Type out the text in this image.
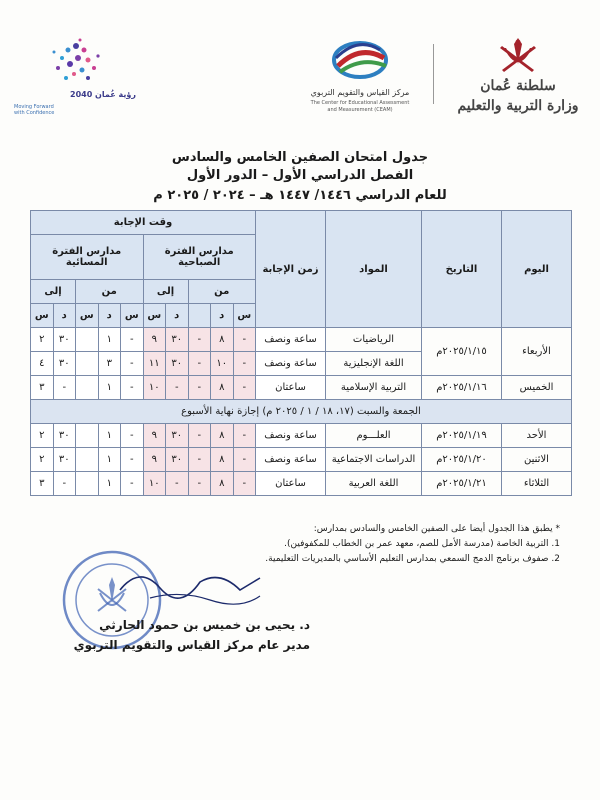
رؤية عُمان 2040
Moving Forward with Confidence
مركز القياس والتقويم التربوي
The Center for Educational Assessment
and Measurement (CEAM)
سلطنة عُمان
وزارة التربية والتعليم
جدول امتحان الصفين الخامس والسادس
الفصل الدراسي الأول – الدور الأول
للعام الدراسي ١٤٤٦/ ١٤٤٧ هـ – ٢٠٢٤ / ٢٠٢٥ م
اليوم	التاريخ	المواد	زمن الإجابة	وقت الإجابة									
				مدارس الفترة الصباحية					مدارس الفترة المسائية				
				من			إلى		من			إلى	
				س	د		د	س	س	د	س	د	س
الأربعاء	٢٠٢٥/١/١٥م	الرياضيات	ساعة ونصف	-	٨	-	٣٠	٩	-	١		٣٠	٢
		اللغة الإنجليزية	ساعة ونصف	-	١٠	-	٣٠	١١	-	٣		٣٠	٤
الخميس	٢٠٢٥/١/١٦م	التربية الإسلامية	ساعتان	-	٨	-	-	١٠	-	١		-	٣
الجمعة والسبت (١٧، ١٨ / ١ / ٢٠٢٥ م) إجازة نهاية الأسبوع													
الأحد	٢٠٢٥/١/١٩م	العلـــوم	ساعة ونصف	-	٨	-	٣٠	٩	-	١		٣٠	٢
الاثنين	٢٠٢٥/١/٢٠م	الدراسات الاجتماعية	ساعة ونصف	-	٨	-	٣٠	٩	-	١		٣٠	٢
الثلاثاء	٢٠٢٥/١/٢١م	اللغة العربية	ساعتان	-	٨	-	-	١٠	-	١		-	٣
* يطبق هذا الجدول أيضا على الصفين الخامس والسادس بمدارس:
1. التربية الخاصة (مدرسة الأمل للصم، معهد عمر بن الخطاب للمكفوفين).
2. صفوف برنامج الدمج السمعي بمدارس التعليم الأساسي بالمديريات التعليمية.
د. يحيى بن خميس بن حمود الحارثي
مدير عام مركز القياس والتقويم التربوي
